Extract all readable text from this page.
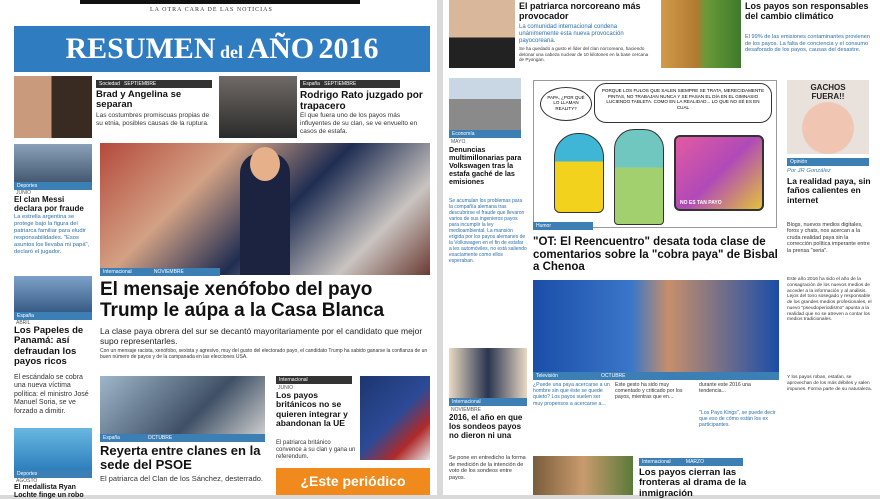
LA OTRA CARA DE LAS NOTICIAS
RESUMEN del AÑO 2016
Sociedad SEPTIEMBRE
Brad y Angelina se separan
Las costumbres promiscuas propias de su etnia, posibles causas de la ruptura.
España SEPTIEMBRE
Rodrigo Rato juzgado por trapacero
El que fuera uno de los payos más influyentes de su clan, se ve envuelto en casos de estafa.
Deportes
JUNIO
El clan Messi declara por fraude
La estrella argentina se protege bajo la figura del patriarca familiar para eludir responsabilidades. "Esos asuntos los llevaba mi papá", declaró el jugador.
Internacional	NOVIEMBRE
El mensaje xenófobo del payo Trump le aúpa a la Casa Blanca
La clase paya obrera del sur se decantó mayoritariamente por el candidato que mejor supo representarles.
Con un mensaje racista, xenófobo, sexista y agresivo, muy del gusto del electorado payo, el candidato Trump ha sabido ganarse la confianza de un buen número de payos y de la campanada en las elecciones USA.
España
ABRIL
Los Papeles de Panamá: así defraudan los payos ricos
El escándalo se cobra una nueva víctima política: el ministro José Manuel Soria, se ve forzado a dimitir.
España	OCTUBRE
Reyerta entre clanes en la sede del PSOE
El patriarca del Clan de los Sánchez, desterrado.
Internacional
JUNIO
Los payos británicos no se quieren integrar y abandonan la UE
El patriarca británico convence a su clan y gana un referendum.
Deportes
AGOSTO
El medallista Ryan Lochte finge un robo
¿Este periódico
El patriarca norcoreano más provocador
La comunidad internacional condena unánimemente esta nueva provocación payocoreana.
Se ha quedado a gusto el líder del clan norcoreano, haciendo detonar una cabeza nuclear de 10 kilotones en la base cercana de Pyongan.
Los payos son responsables del cambio climático
El 99% de las emisiones contaminantes provienen de los payos. La falta de conciencia y el consumo desaforado de los payos, causas del desastre.
Economía
MAYO
Denuncias multimillonarias para Volkswagen tras la estafa gaché de las emisiones
Se acumulan los problemas para la compañía alemana tras descubrirse el fraude que llevaron varios de sus ingenieros payos para incumplir la ley medioambiental. La mansión erigida por los payos alemanes de la Volkswagen en el fin de estafar a les automóviles, no está saliendo exactamente como ellos esperaban.
PAPA, ¿POR QUÉ LO LLAMAN REALITY?
PORQUE LOS FULOS QUE SALEN SIEMPRE SE TRATA, MERECIDAMENTE PINTAS, NO TRABAJAN NUNCA Y SE PASAN EL DÍA EN EL GIMNASIO LUCIENDO TABLETA. COMO EN LA REALIDAD... LO QUE NO SÉ ES EN CUAL
NO ES TAN PAYO
Humor
GACHOS FUERA!!
Opinión
Por JR González
La realidad paya, sin faños calientes en internet
Blogs, nuevos medios digitales, foros y chats, nos acercan a la cruda realidad paya sin la corrección política imperante entre la prensa "seria".
Este año 2016 ha sido el año de la consagración de los nuevos medios de acceder a la información y al análisis. Lejos del tono sosegado y responsable de los grandes medios profesionales, el nuevo "pseudoperiodismo" apunta a la realidad que no se atreven a contar los medios tradicionales.
Y los payos roban, estafan, se aprovechan de los más débiles y salen impunes. Forma parte de su naturaleza.
"OT: El Reencuentro" desata toda clase de comentarios sobre la "cobra paya" de Bisbal a Chenoa
Televisión	OCTUBRE
¿Puede una paya acercarse a un hombre sin que éste se quede quieto? Los payos suelen ser muy propensos a acercarse a...
Este gesto ha sido muy comentado y criticado por los payos, mientras que en...
durante este 2016 una tendencia...
"Los Payo Kings", se puede decir que eso de cómo están los ex participantes.
Internacional
NOVIEMBRE
2016, el año en que los sondeos payos no dieron ni una
Se pone en entredicho la forma de medición de la intención de voto de los sondeos entre payos.
Internacional	MARZO
Los payos cierran las fronteras al drama de la inmigración
